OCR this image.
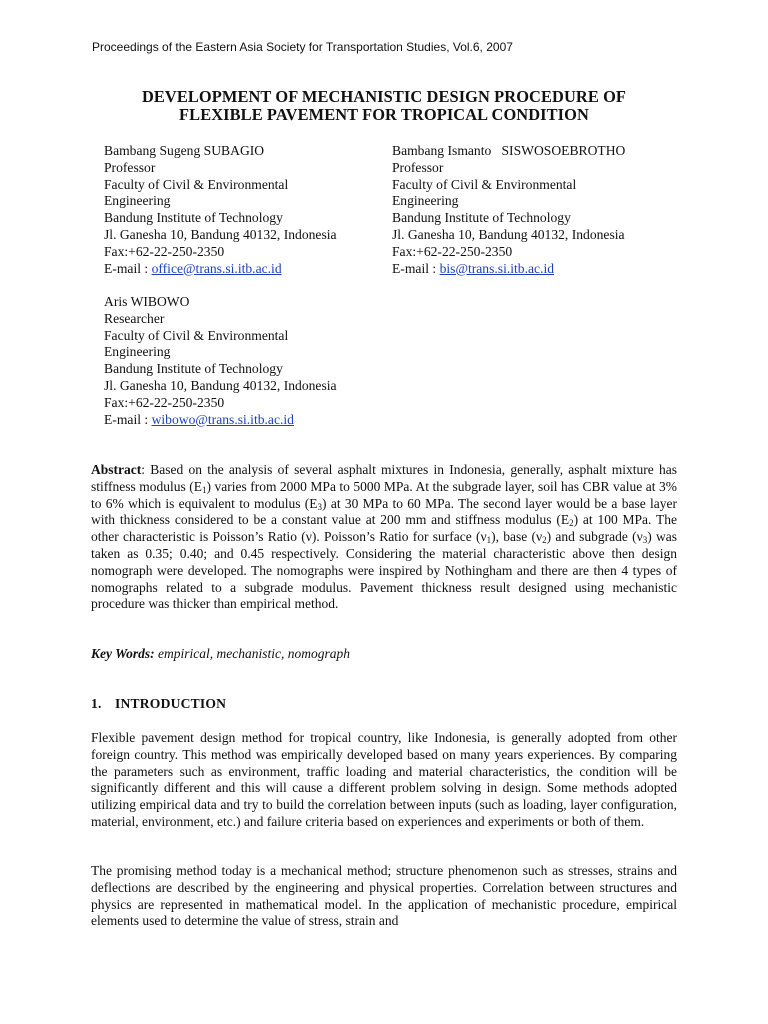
Proceedings of the Eastern Asia Society for Transportation Studies, Vol.6, 2007
DEVELOPMENT OF MECHANISTIC DESIGN PROCEDURE OF
FLEXIBLE PAVEMENT FOR TROPICAL CONDITION
Bambang Sugeng SUBAGIO
Professor
Faculty of Civil & Environmental
Engineering
Bandung Institute of Technology
Jl. Ganesha 10, Bandung 40132, Indonesia
Fax:+62-22-250-2350
E-mail : office@trans.si.itb.ac.id
Bambang Ismanto   SISWOSOEBROTHO
Professor
Faculty of Civil & Environmental
Engineering
Bandung Institute of Technology
Jl. Ganesha 10, Bandung 40132, Indonesia
Fax:+62-22-250-2350
E-mail : bis@trans.si.itb.ac.id
Aris WIBOWO
Researcher
Faculty of Civil & Environmental
Engineering
Bandung Institute of Technology
Jl. Ganesha 10, Bandung 40132, Indonesia
Fax:+62-22-250-2350
E-mail : wibowo@trans.si.itb.ac.id
Abstract: Based on the analysis of several asphalt mixtures in Indonesia, generally, asphalt mixture has stiffness modulus $(E_1)$ varies from 2000 MPa to 5000 MPa. At the subgrade layer, soil has CBR value at 3% to 6% which is equivalent to modulus $(E_3)$ at 30 MPa to 60 MPa. The second layer would be a base layer with thickness considered to be a constant value at 200 mm and stiffness modulus $(E_2)$ at 100 MPa. The other characteristic is Poisson’s Ratio (ν). Poisson’s Ratio for surface $(\nu_1)$, base $(\nu_2)$ and subgrade $(\nu_3)$ was taken as 0.35; 0.40; and 0.45 respectively. Considering the material characteristic above then design nomograph were developed. The nomographs were inspired by Nothingham and there are then 4 types of nomographs related to a subgrade modulus. Pavement thickness result designed using mechanistic procedure was thicker than empirical method.
Key Words: empirical, mechanistic, nomograph
1. INTRODUCTION
Flexible pavement design method for tropical country, like Indonesia, is generally adopted from other foreign country. This method was empirically developed based on many years experiences. By comparing the parameters such as environment, traffic loading and material characteristics, the condition will be significantly different and this will cause a different problem solving in design. Some methods adopted utilizing empirical data and try to build the correlation between inputs (such as loading, layer configuration, material, environment, etc.) and failure criteria based on experiences and experiments or both of them.
The promising method today is a mechanical method; structure phenomenon such as stresses, strains and deflections are described by the engineering and physical properties. Correlation between structures and physics are represented in mathematical model. In the application of mechanistic procedure, empirical elements used to determine the value of stress, strain and
